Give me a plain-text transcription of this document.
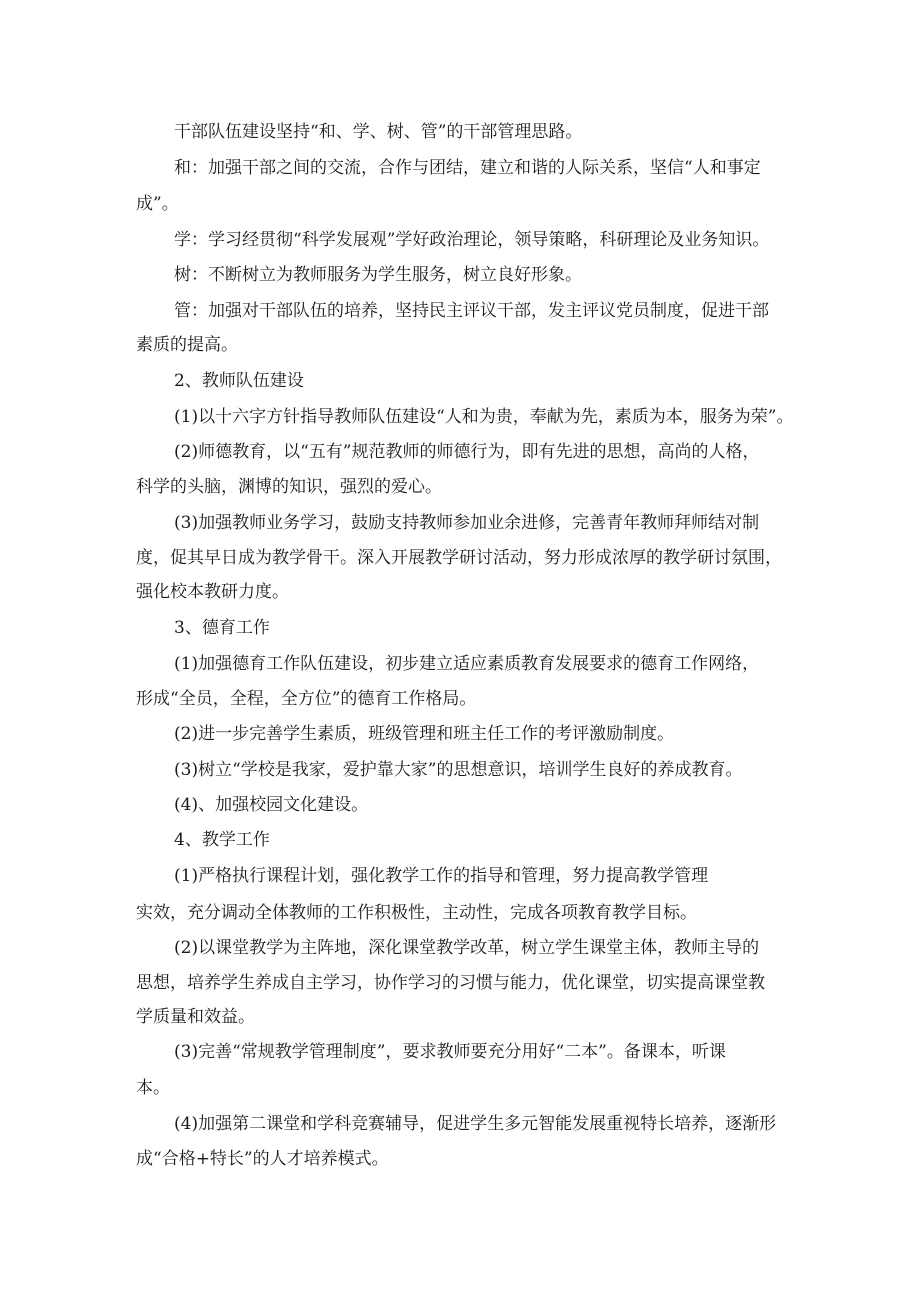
干部队伍建设坚持“和、学、树、管”的干部管理思路。
和：加强干部之间的交流，合作与团结，建立和谐的人际关系，坚信“人和事定
成”。
学：学习经贯彻“科学发展观”学好政治理论，领导策略，科研理论及业务知识。
树：不断树立为教师服务为学生服务，树立良好形象。
管：加强对干部队伍的培养，坚持民主评议干部，发主评议党员制度，促进干部
素质的提高。
2、教师队伍建设
(1)以十六字方针指导教师队伍建设“人和为贵，奉献为先，素质为本，服务为荣”。
(2)师德教育，以“五有”规范教师的师德行为，即有先进的思想，高尚的人格，
科学的头脑，渊博的知识，强烈的爱心。
(3)加强教师业务学习，鼓励支持教师参加业余进修，完善青年教师拜师结对制
度，促其早日成为教学骨干。深入开展教学研讨活动，努力形成浓厚的教学研讨氛围，
强化校本教研力度。
3、德育工作
(1)加强德育工作队伍建设，初步建立适应素质教育发展要求的德育工作网络，
形成“全员，全程，全方位”的德育工作格局。
(2)进一步完善学生素质，班级管理和班主任工作的考评激励制度。
(3)树立“学校是我家，爱护靠大家”的思想意识，培训学生良好的养成教育。
(4)、加强校园文化建设。
4、教学工作
(1)严格执行课程计划，强化教学工作的指导和管理，努力提高教学管理
实效，充分调动全体教师的工作积极性，主动性，完成各项教育教学目标。
(2)以课堂教学为主阵地，深化课堂教学改革，树立学生课堂主体，教师主导的
思想，培养学生养成自主学习，协作学习的习惯与能力，优化课堂，切实提高课堂教
学质量和效益。
(3)完善“常规教学管理制度”，要求教师要充分用好“二本”。备课本，听课
本。
(4)加强第二课堂和学科竞赛辅导，促进学生多元智能发展重视特长培养，逐渐形
成“合格+特长”的人才培养模式。
